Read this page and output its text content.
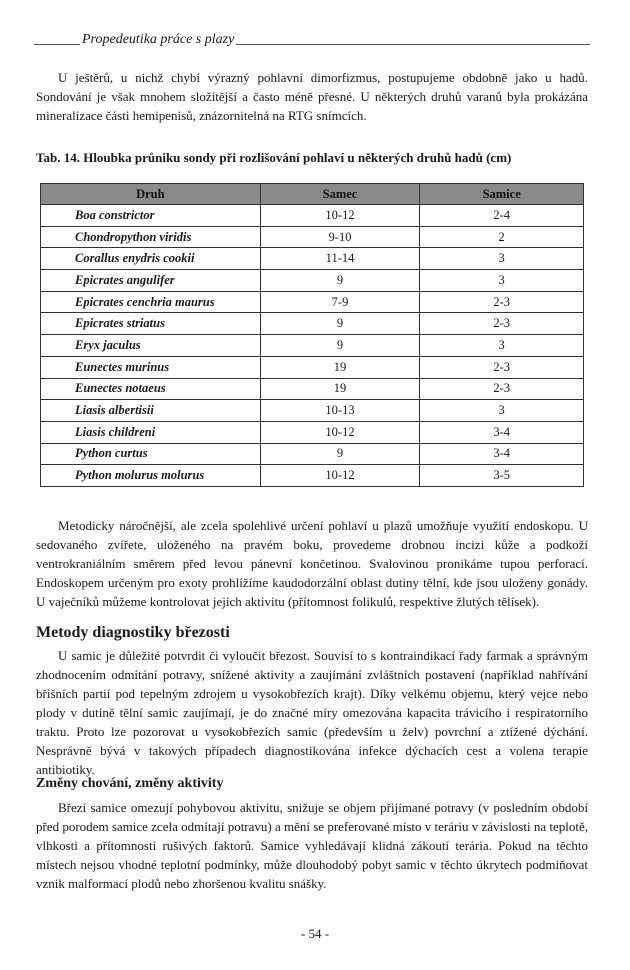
Propedeutika práce s plazy

U ještěrů, u nichž chybí výrazný pohlavní dimorfizmus, postupujeme obdobně jako u hadů. Sondování je však mnohem složitější a často méně přesné. U některých druhů varanů byla prokázána mineralizace části hemipenisů, znázornitelná na RTG snímcích.

Tab. 14. Hloubka průniku sondy při rozlišování pohlaví u některých druhů hadů (cm)

Druh	Samec	Samice
Boa constrictor	10-12	2-4
Chondropython viridis	9-10	2
Corallus enydris cookii	11-14	3
Epicrates angulifer	9	3
Epicrates cenchria maurus	7-9	2-3
Epicrates striatus	9	2-3
Eryx jaculus	9	3
Eunectes murinus	19	2-3
Eunectes notaeus	19	2-3
Liasis albertisii	10-13	3
Liasis childreni	10-12	3-4
Python curtus	9	3-4
Python molurus molurus	10-12	3-5

Metodicky náročnější, ale zcela spolehlivé určení pohlaví u plazů umožňuje využití endoskopu. U sedovaného zvířete, uloženého na pravém boku, provedeme drobnou incizi kůže a podkoží ventrokraniálním směrem před levou pánevní končetinou. Svalovinou pronikáme tupou perforací. Endoskopem určeným pro exoty prohlížíme kaudodorzální oblast dutiny tělní, kde jsou uloženy gonády. U vaječníků můžeme kontrolovat jejich aktivitu (přítomnost folikulů, respektive žlutých tělísek).

Metody diagnostiky březosti

U samic je důležité potvrdit či vyloučit březost. Souvisí to s kontraindikací řady farmak a správným zhodnocením odmítání potravy, snížené aktivity a zaujímání zvláštních postavení (například nahřívání břišních partií pod tepelným zdrojem u vysokobřezích krajt). Díky velkému objemu, který vejce nebo plody v dutině tělní samic zaujímají, je do značné míry omezována kapacita trávicího i respiratorního traktu. Proto lze pozorovat u vysokobřezích samic (především u želv) povrchní a ztížené dýchání. Nesprávně bývá v takových případech diagnostikována infekce dýchacích cest a volena terapie antibiotiky.

Změny chování, změny aktivity

Březí samice omezují pohybovou aktivitu, snižuje se objem přijímané potravy (v posledním období před porodem samice zcela odmítají potravu) a mění se preferované místo v teráriu v závislosti na teplotě, vlhkosti a přítomnosti rušivých faktorů. Samice vyhledávají klidná zákoutí terária. Pokud na těchto místech nejsou vhodné teplotní podmínky, může dlouhodobý pobyt samic v těchto úkrytech podmiňovat vznik malformací plodů nebo zhoršenou kvalitu snášky.

- 54 -
